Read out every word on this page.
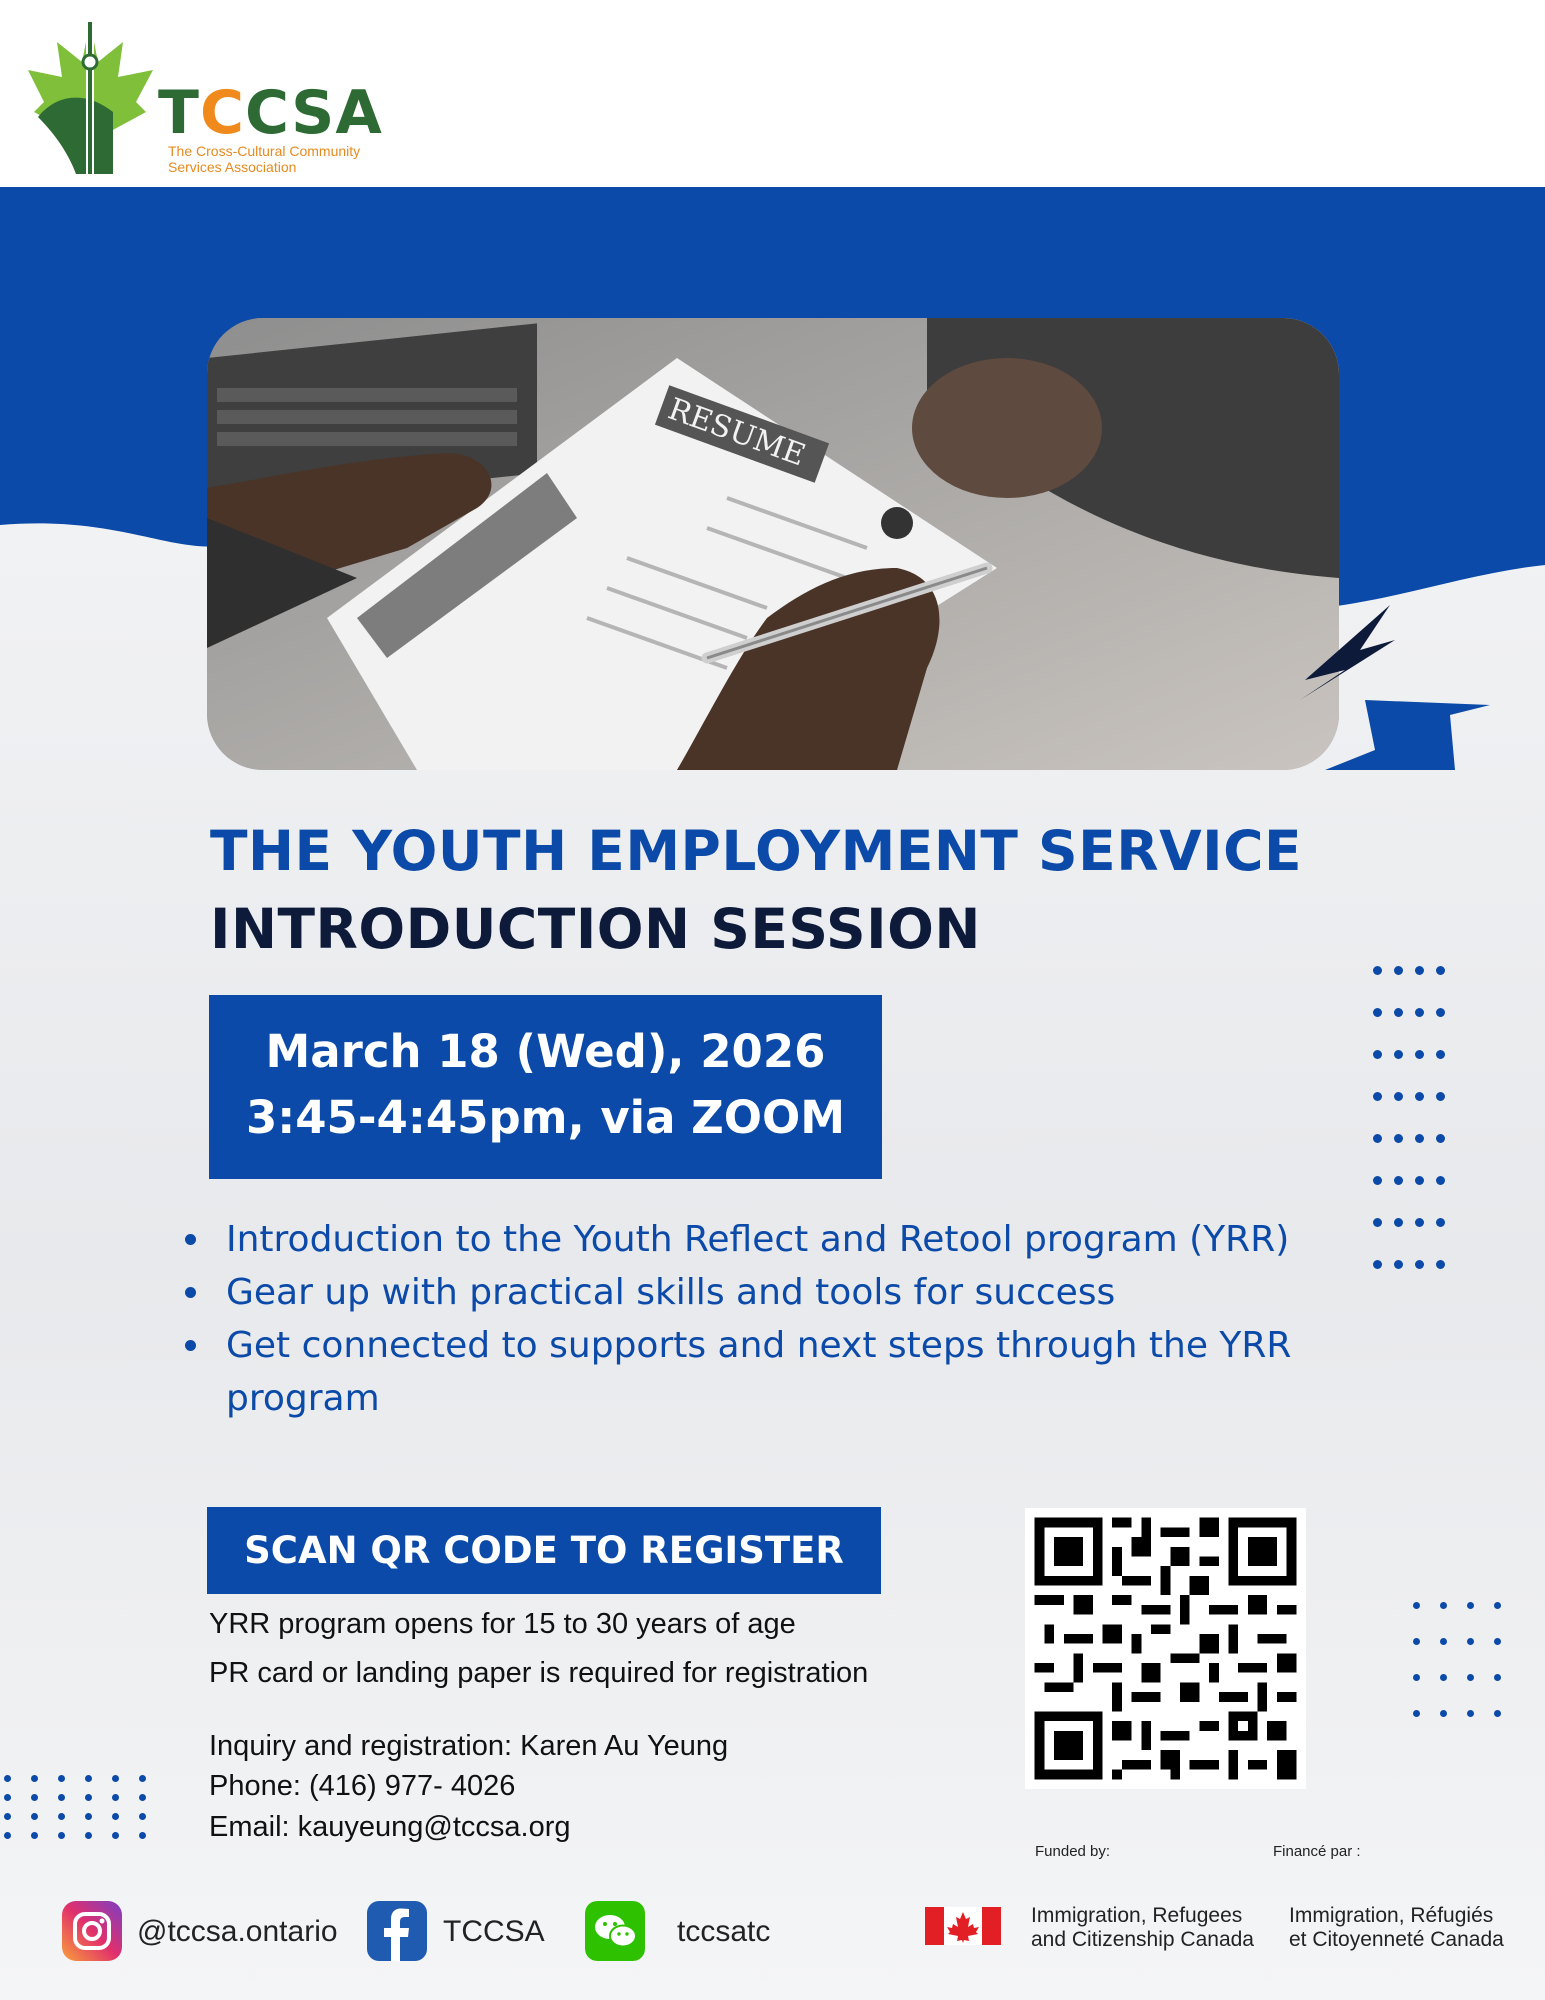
TCCSA
The Cross-Cultural Community
Services Association
RESUME
THE YOUTH EMPLOYMENT SERVICE
INTRODUCTION SESSION
March 18 (Wed), 2026
3:45-4:45pm, via ZOOM
Introduction to the Youth Reflect and Retool program (YRR)
Gear up with practical skills and tools for success
Get connected to supports and next steps through the YRR program
SCAN QR CODE TO REGISTER
YRR program opens for 15 to 30 years of age
PR card or landing paper is required for registration
Inquiry and registration: Karen Au Yeung
Phone: (416) 977- 4026
Email: kauyeung@tccsa.org
@tccsa.ontario	TCCSA	tccsatc
Funded by:	Financé par :
Immigration, Refugees
and Citizenship Canada
Immigration, Réfugiés
et Citoyenneté Canada
